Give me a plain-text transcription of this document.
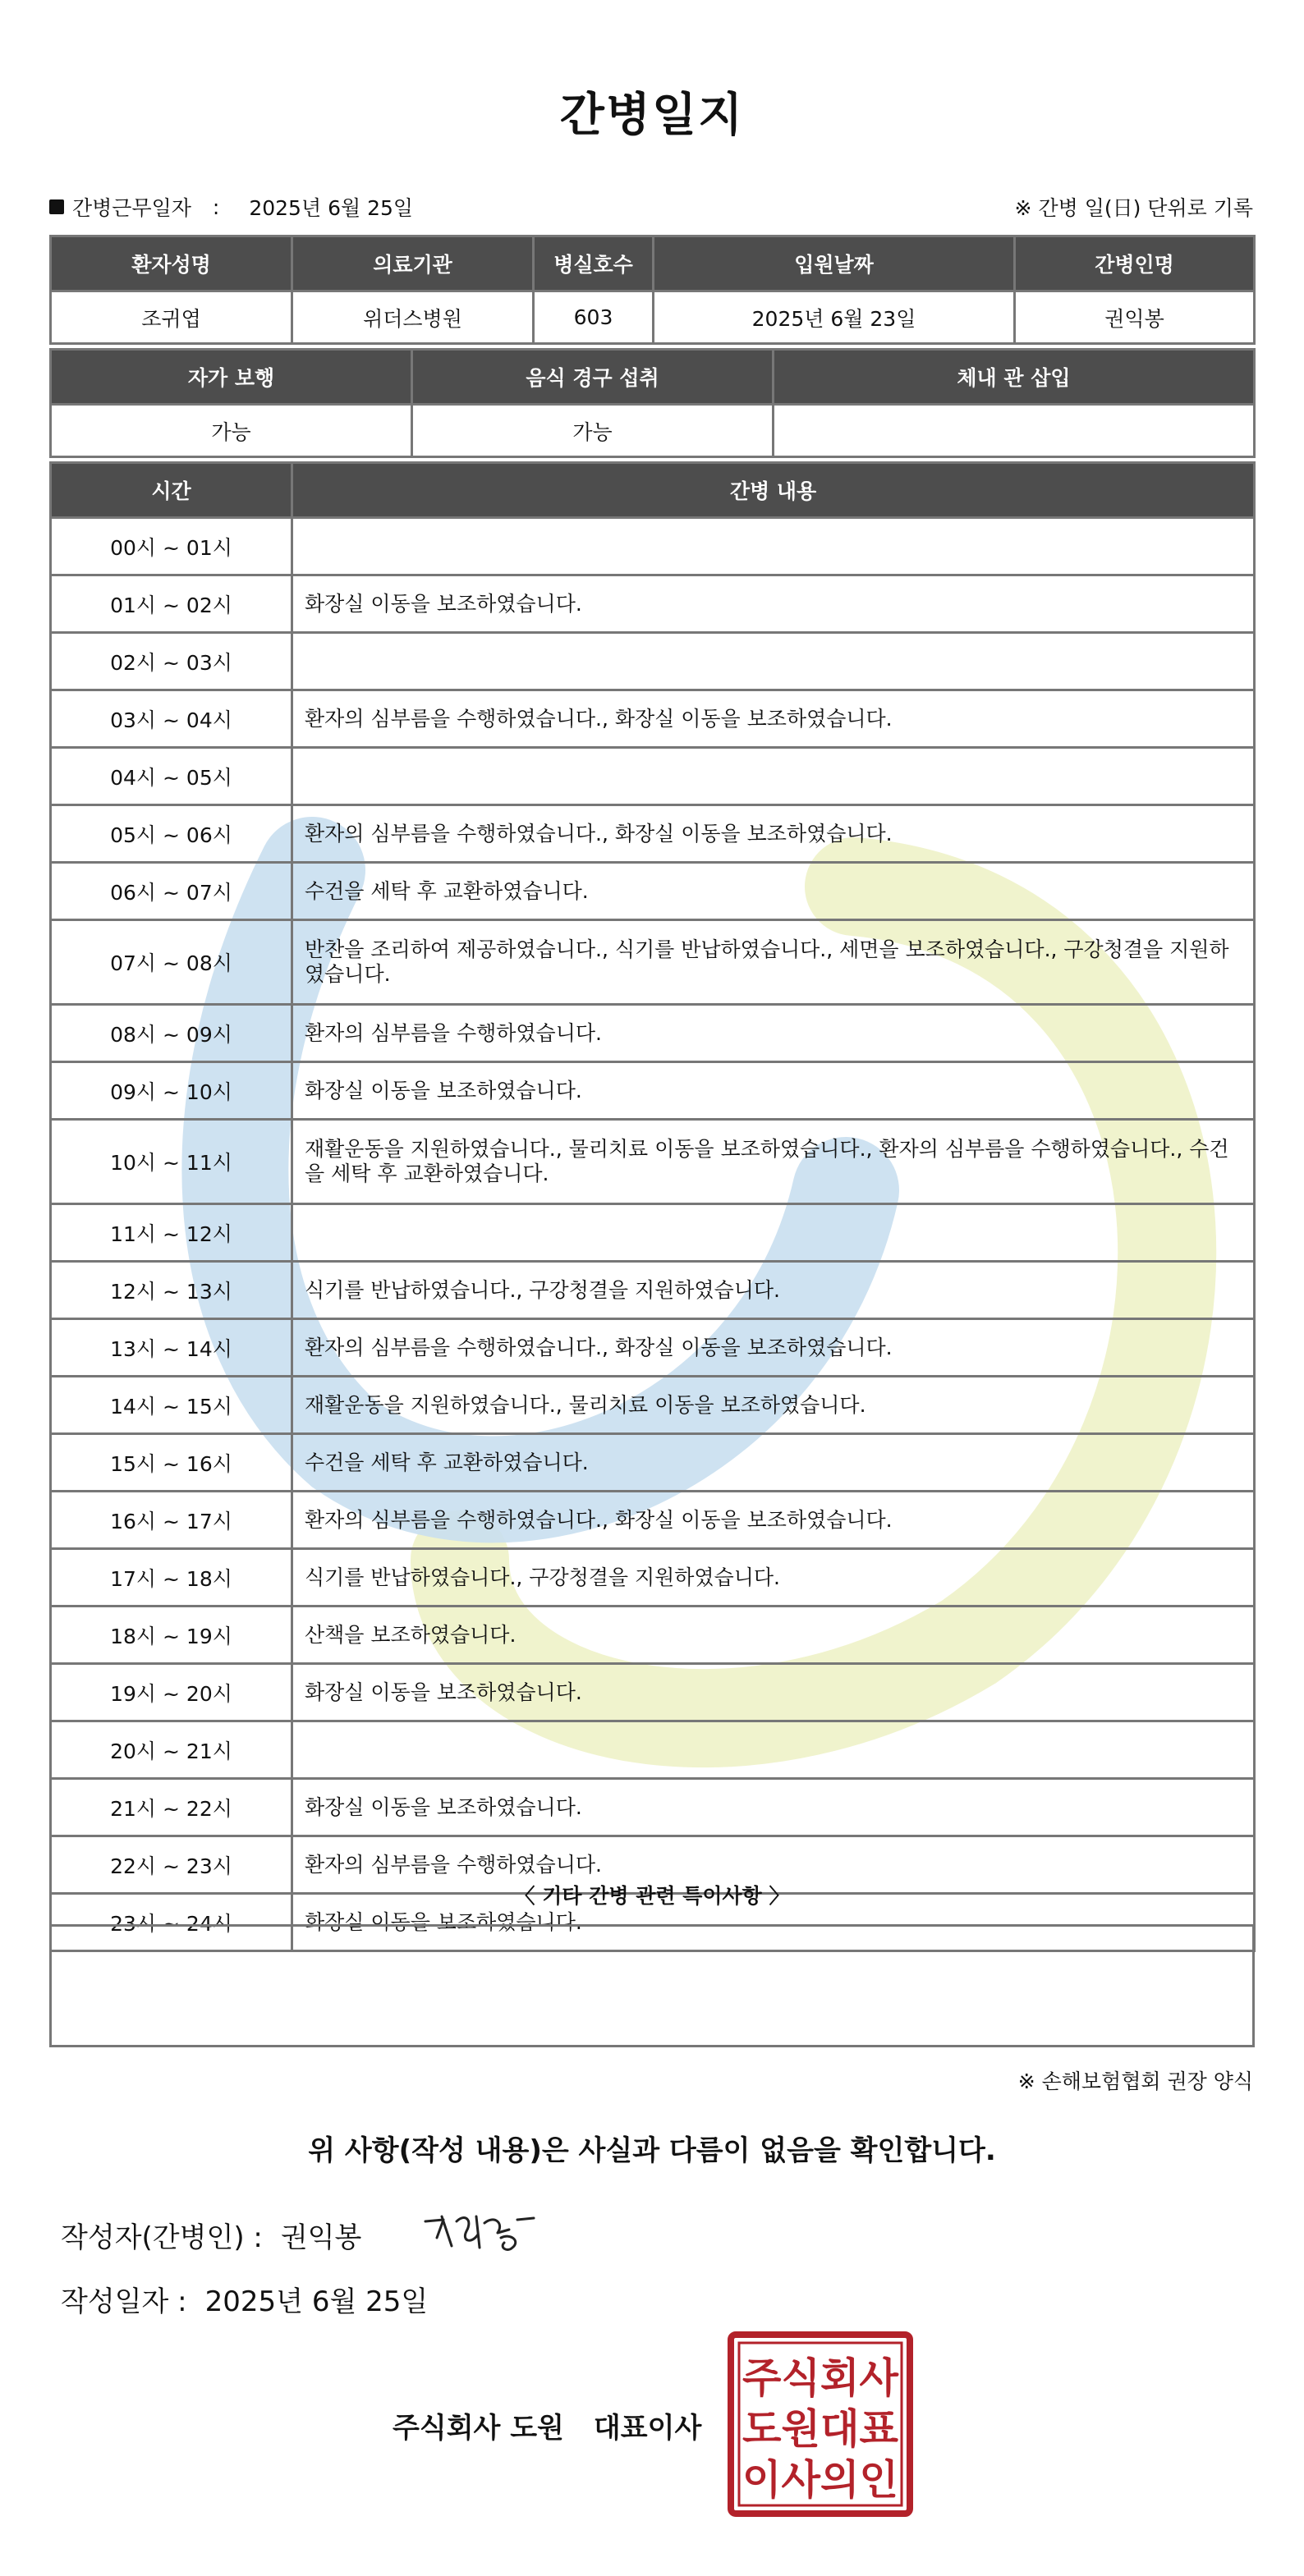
간병일지
간병근무일자 : 2025년 6월 25일	※ 간병 일(日) 단위로 기록
환자성명	의료기관	병실호수	입원날짜	간병인명
조귀엽	위더스병원	603	2025년 6월 23일	권익봉
자가 보행	음식 경구 섭취	체내 관 삽입
가능	가능	
시간	간병 내용
00시 ~ 01시	
01시 ~ 02시	화장실 이동을 보조하였습니다.
02시 ~ 03시	
03시 ~ 04시	환자의 심부름을 수행하였습니다., 화장실 이동을 보조하였습니다.
04시 ~ 05시	
05시 ~ 06시	환자의 심부름을 수행하였습니다., 화장실 이동을 보조하였습니다.
06시 ~ 07시	수건을 세탁 후 교환하였습니다.
07시 ~ 08시	반찬을 조리하여 제공하였습니다., 식기를 반납하였습니다., 세면을 보조하였습니다., 구강청결을 지원하였습니다.
08시 ~ 09시	환자의 심부름을 수행하였습니다.
09시 ~ 10시	화장실 이동을 보조하였습니다.
10시 ~ 11시	재활운동을 지원하였습니다., 물리치료 이동을 보조하였습니다., 환자의 심부름을 수행하였습니다., 수건을 세탁 후 교환하였습니다.
11시 ~ 12시	
12시 ~ 13시	식기를 반납하였습니다., 구강청결을 지원하였습니다.
13시 ~ 14시	환자의 심부름을 수행하였습니다., 화장실 이동을 보조하였습니다.
14시 ~ 15시	재활운동을 지원하였습니다., 물리치료 이동을 보조하였습니다.
15시 ~ 16시	수건을 세탁 후 교환하였습니다.
16시 ~ 17시	환자의 심부름을 수행하였습니다., 화장실 이동을 보조하였습니다.
17시 ~ 18시	식기를 반납하였습니다., 구강청결을 지원하였습니다.
18시 ~ 19시	산책을 보조하였습니다.
19시 ~ 20시	화장실 이동을 보조하였습니다.
20시 ~ 21시	
21시 ~ 22시	화장실 이동을 보조하였습니다.
22시 ~ 23시	환자의 심부름을 수행하였습니다.
23시 ~ 24시	화장실 이동을 보조하였습니다.
〈 기타 간병 관련 특이사항 〉
※ 손해보험협회 권장 양식
위 사항(작성 내용)은 사실과 다름이 없음을 확인합니다.
작성자(간병인) : 권익봉
작성일자 : 2025년 6월 25일
주식회사 도원 대표이사
주식회사
도원대표
이사의인
